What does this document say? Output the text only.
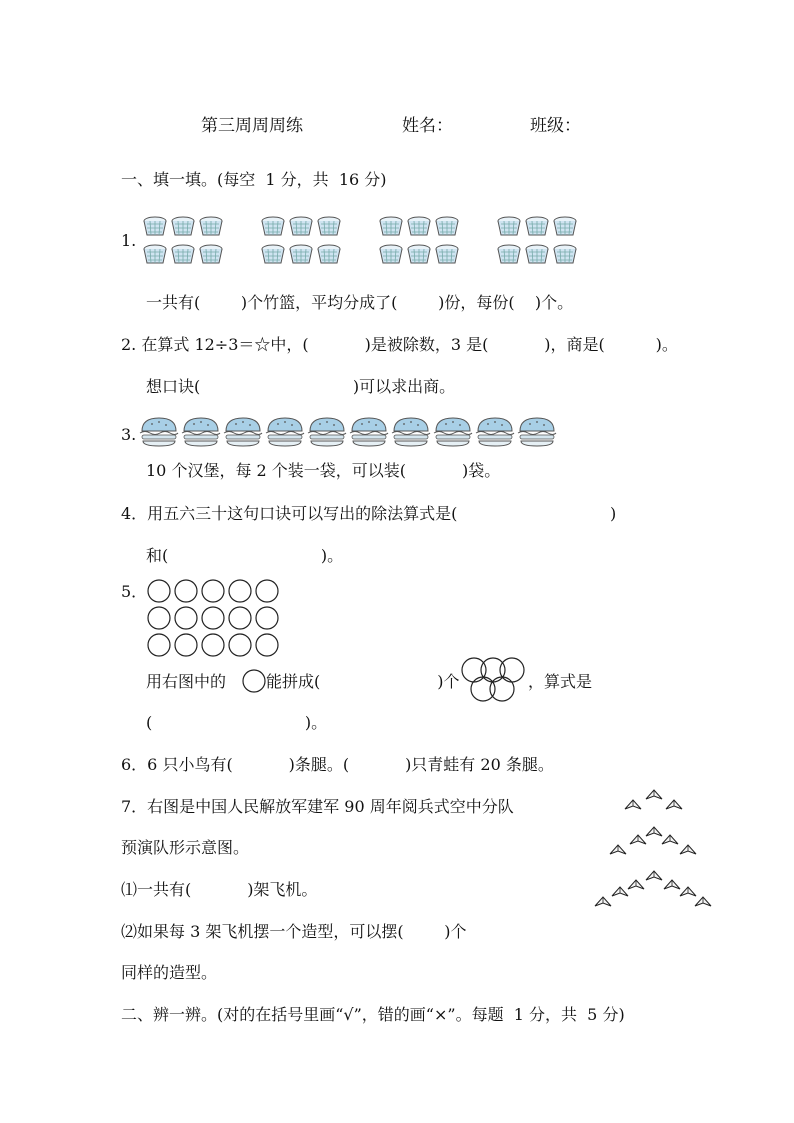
第三周周周练	姓名：	班级：
一、填一填。(每空  1 分，共  16 分)
1.
一共有(        )个竹篮，平均分成了(        )份，每份(    )个。
2. 在算式 12÷3＝☆中，(           )是被除数，3 是(           )，商是(          )。
想口诀(                              )可以求出商。
3.
10 个汉堡，每 2 个装一袋，可以装(           )袋。
4．用五六三十这句口诀可以写出的除法算式是(                              )
和(                              )。
5．
用右图中的 能拼成(                       )个	，算式是
(                              )。
6．6 只小鸟有(           )条腿。(           )只青蛙有 20 条腿。
7．右图是中国人民解放军建军 90 周年阅兵式空中分队
预演队形示意图。
⑴一共有(           )架飞机。
⑵如果每 3 架飞机摆一个造型，可以摆(        )个
同样的造型。
二、辨一辨。(对的在括号里画“√”，错的画“×”。每题  1 分，共  5 分)
